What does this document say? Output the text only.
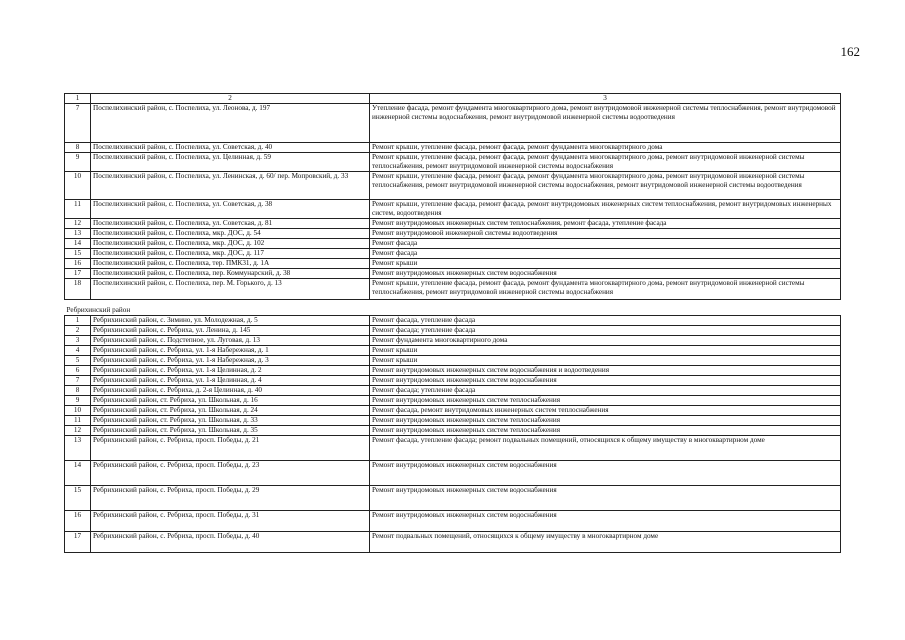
162
1	2	3
7	Поспелихинский район, с. Поспелиха, ул. Леонова, д. 197	Утепление фасада, ремонт фундамента многоквартирного дома, ремонт внутридомовой инженерной системы теплоснабжения, ремонт внутридомовой инженерной системы водоснабжения, ремонт внутридомовой инженерной системы водоотведения
8	Поспелихинский район, с. Поспелиха, ул. Советская, д. 40	Ремонт крыши, утепление фасада, ремонт фасада, ремонт фундамента многоквартирного дома
9	Поспелихинский район, с. Поспелиха, ул. Целинная, д. 59	Ремонт крыши, утепление фасада, ремонт фасада, ремонт фундамента многоквартирного дома, ремонт внутридомовой инженерной системы теплоснабжения, ремонт внутридомовой инженерной системы водоснабжения
10	Поспелихинский район, с. Поспелиха, ул. Ленинская, д. 60/ пер. Мопровский, д. 33	Ремонт крыши, утепление фасада, ремонт фасада, ремонт фундамента многоквартирного дома, ремонт внутридомовой инженерной системы теплоснабжения, ремонт внутридомовой инженерной системы водоснабжения, ремонт внутридомовой инженерной системы водоотведения
11	Поспелихинский район, с. Поспелиха, ул. Советская, д. 38	Ремонт крыши, утепление фасада, ремонт фасада, ремонт внутридомовых инженерных систем теплоснабжения, ремонт внутридомовых инженерных систем, водоотведения
12	Поспелихинский район, с. Поспелиха, ул. Советская, д. 81	Ремонт внутридомовых инженерных систем теплоснабжения, ремонт фасада, утепление фасада
13	Поспелихинский район, с. Поспелиха, мкр. ДОС, д. 54	Ремонт внутридомовой инженерной системы водоотведения
14	Поспелихинский район, с. Поспелиха, мкр. ДОС, д. 102	Ремонт фасада
15	Поспелихинский район, с. Поспелиха, мкр. ДОС, д. 117	Ремонт фасада
16	Поспелихинский район, с. Поспелиха, тер. ПМК31, д. 1А	Ремонт крыши
17	Поспелихинский район, с. Поспелиха, пер. Коммунарский, д. 38	Ремонт внутридомовых инженерных систем водоснабжения
18	Поспелихинский район, с. Поспелиха, пер. М. Горького, д. 13	Ремонт крыши, утепление фасада, ремонт фасада, ремонт фундамента многоквартирного дома, ремонт внутридомовой инженерной системы теплоснабжения, ремонт внутридомовой инженерной системы водоснабжения
Ребрихинский район		
1	Ребрихинский район, с. Зимино, ул. Молодежная, д. 5	Ремонт фасада, утепление фасада
2	Ребрихинский район, с. Ребриха, ул. Ленина, д. 145	Ремонт фасада; утепление фасада
3	Ребрихинский район, с. Подстепное, ул. Луговая, д. 13	Ремонт фундамента многоквартирного дома
4	Ребрихинский район, с. Ребриха, ул. 1-я Набережная, д. 1	Ремонт крыши
5	Ребрихинский район, с. Ребриха, ул. 1-я Набережная, д. 3	Ремонт крыши
6	Ребрихинский район, с. Ребриха, ул. 1-я Целинная, д. 2	Ремонт внутридомовых инженерных систем водоснабжения и водоотведения
7	Ребрихинский район, с. Ребриха, ул. 1-я Целинная, д. 4	Ремонт внутридомовых инженерных систем водоснабжения
8	Ребрихинский район, с. Ребриха, д. 2-я Целинная, д. 40	Ремонт фасада; утепление фасада
9	Ребрихинский район, ст. Ребриха, ул. Школьная, д. 16	Ремонт внутридомовых инженерных систем теплоснабжения
10	Ребрихинский район, ст. Ребриха, ул. Школьная, д. 24	Ремонт фасада, ремонт внутридомовых инженерных систем теплоснабжения
11	Ребрихинский район, ст. Ребриха, ул. Школьная, д. 33	Ремонт внутридомовых инженерных систем теплоснабжения
12	Ребрихинский район, ст. Ребриха, ул. Школьная, д. 35	Ремонт внутридомовых инженерных систем теплоснабжения
13	Ребрихинский район, с. Ребриха, просп. Победы, д. 21	Ремонт фасада, утепление фасада; ремонт подвальных помещений, относящихся к общему имуществу в многоквартирном доме
14	Ребрихинский район, с. Ребриха, просп. Победы, д. 23	Ремонт внутридомовых инженерных систем водоснабжения
15	Ребрихинский район, с. Ребриха, просп. Победы, д. 29	Ремонт внутридомовых инженерных систем водоснабжения
16	Ребрихинский район, с. Ребриха, просп. Победы, д. 31	Ремонт внутридомовых инженерных систем водоснабжения
17	Ребрихинский район, с. Ребриха, просп. Победы, д. 40	Ремонт подвальных помещений, относящихся к общему имуществу в многоквартирном доме
